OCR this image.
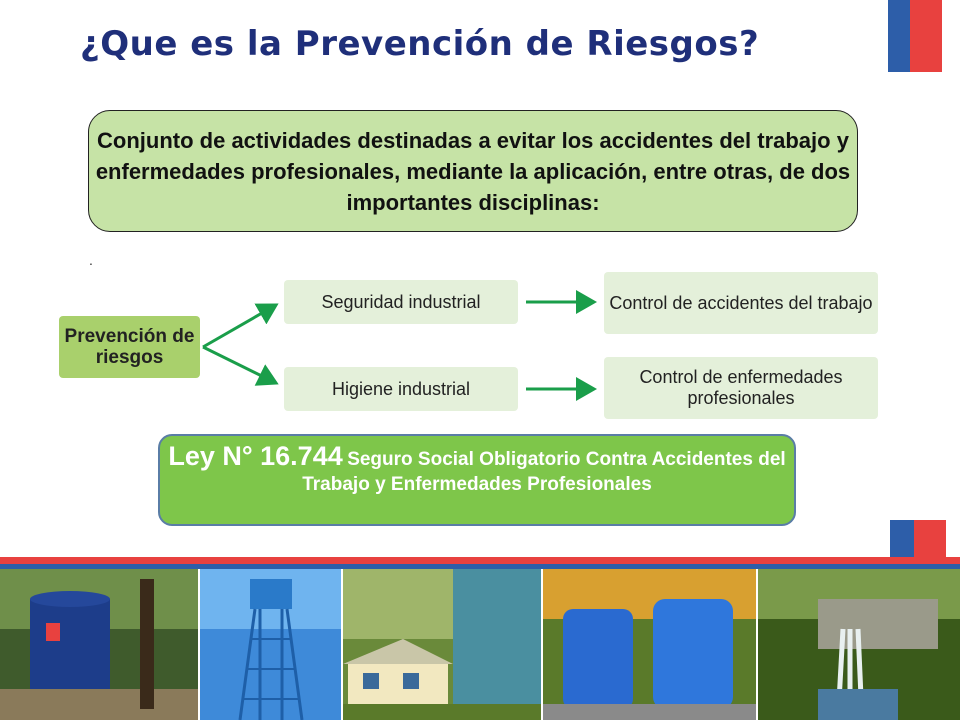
¿Que es la Prevención de Riesgos?
Conjunto de actividades destinadas a evitar los accidentes del trabajo y enfermedades profesionales, mediante la aplicación, entre otras, de dos importantes disciplinas:
.
Prevención de riesgos
Seguridad industrial
Higiene industrial
Control de accidentes del trabajo
Control de enfermedades profesionales
Ley N° 16.744 Seguro Social Obligatorio Contra Accidentes del Trabajo y Enfermedades Profesionales
